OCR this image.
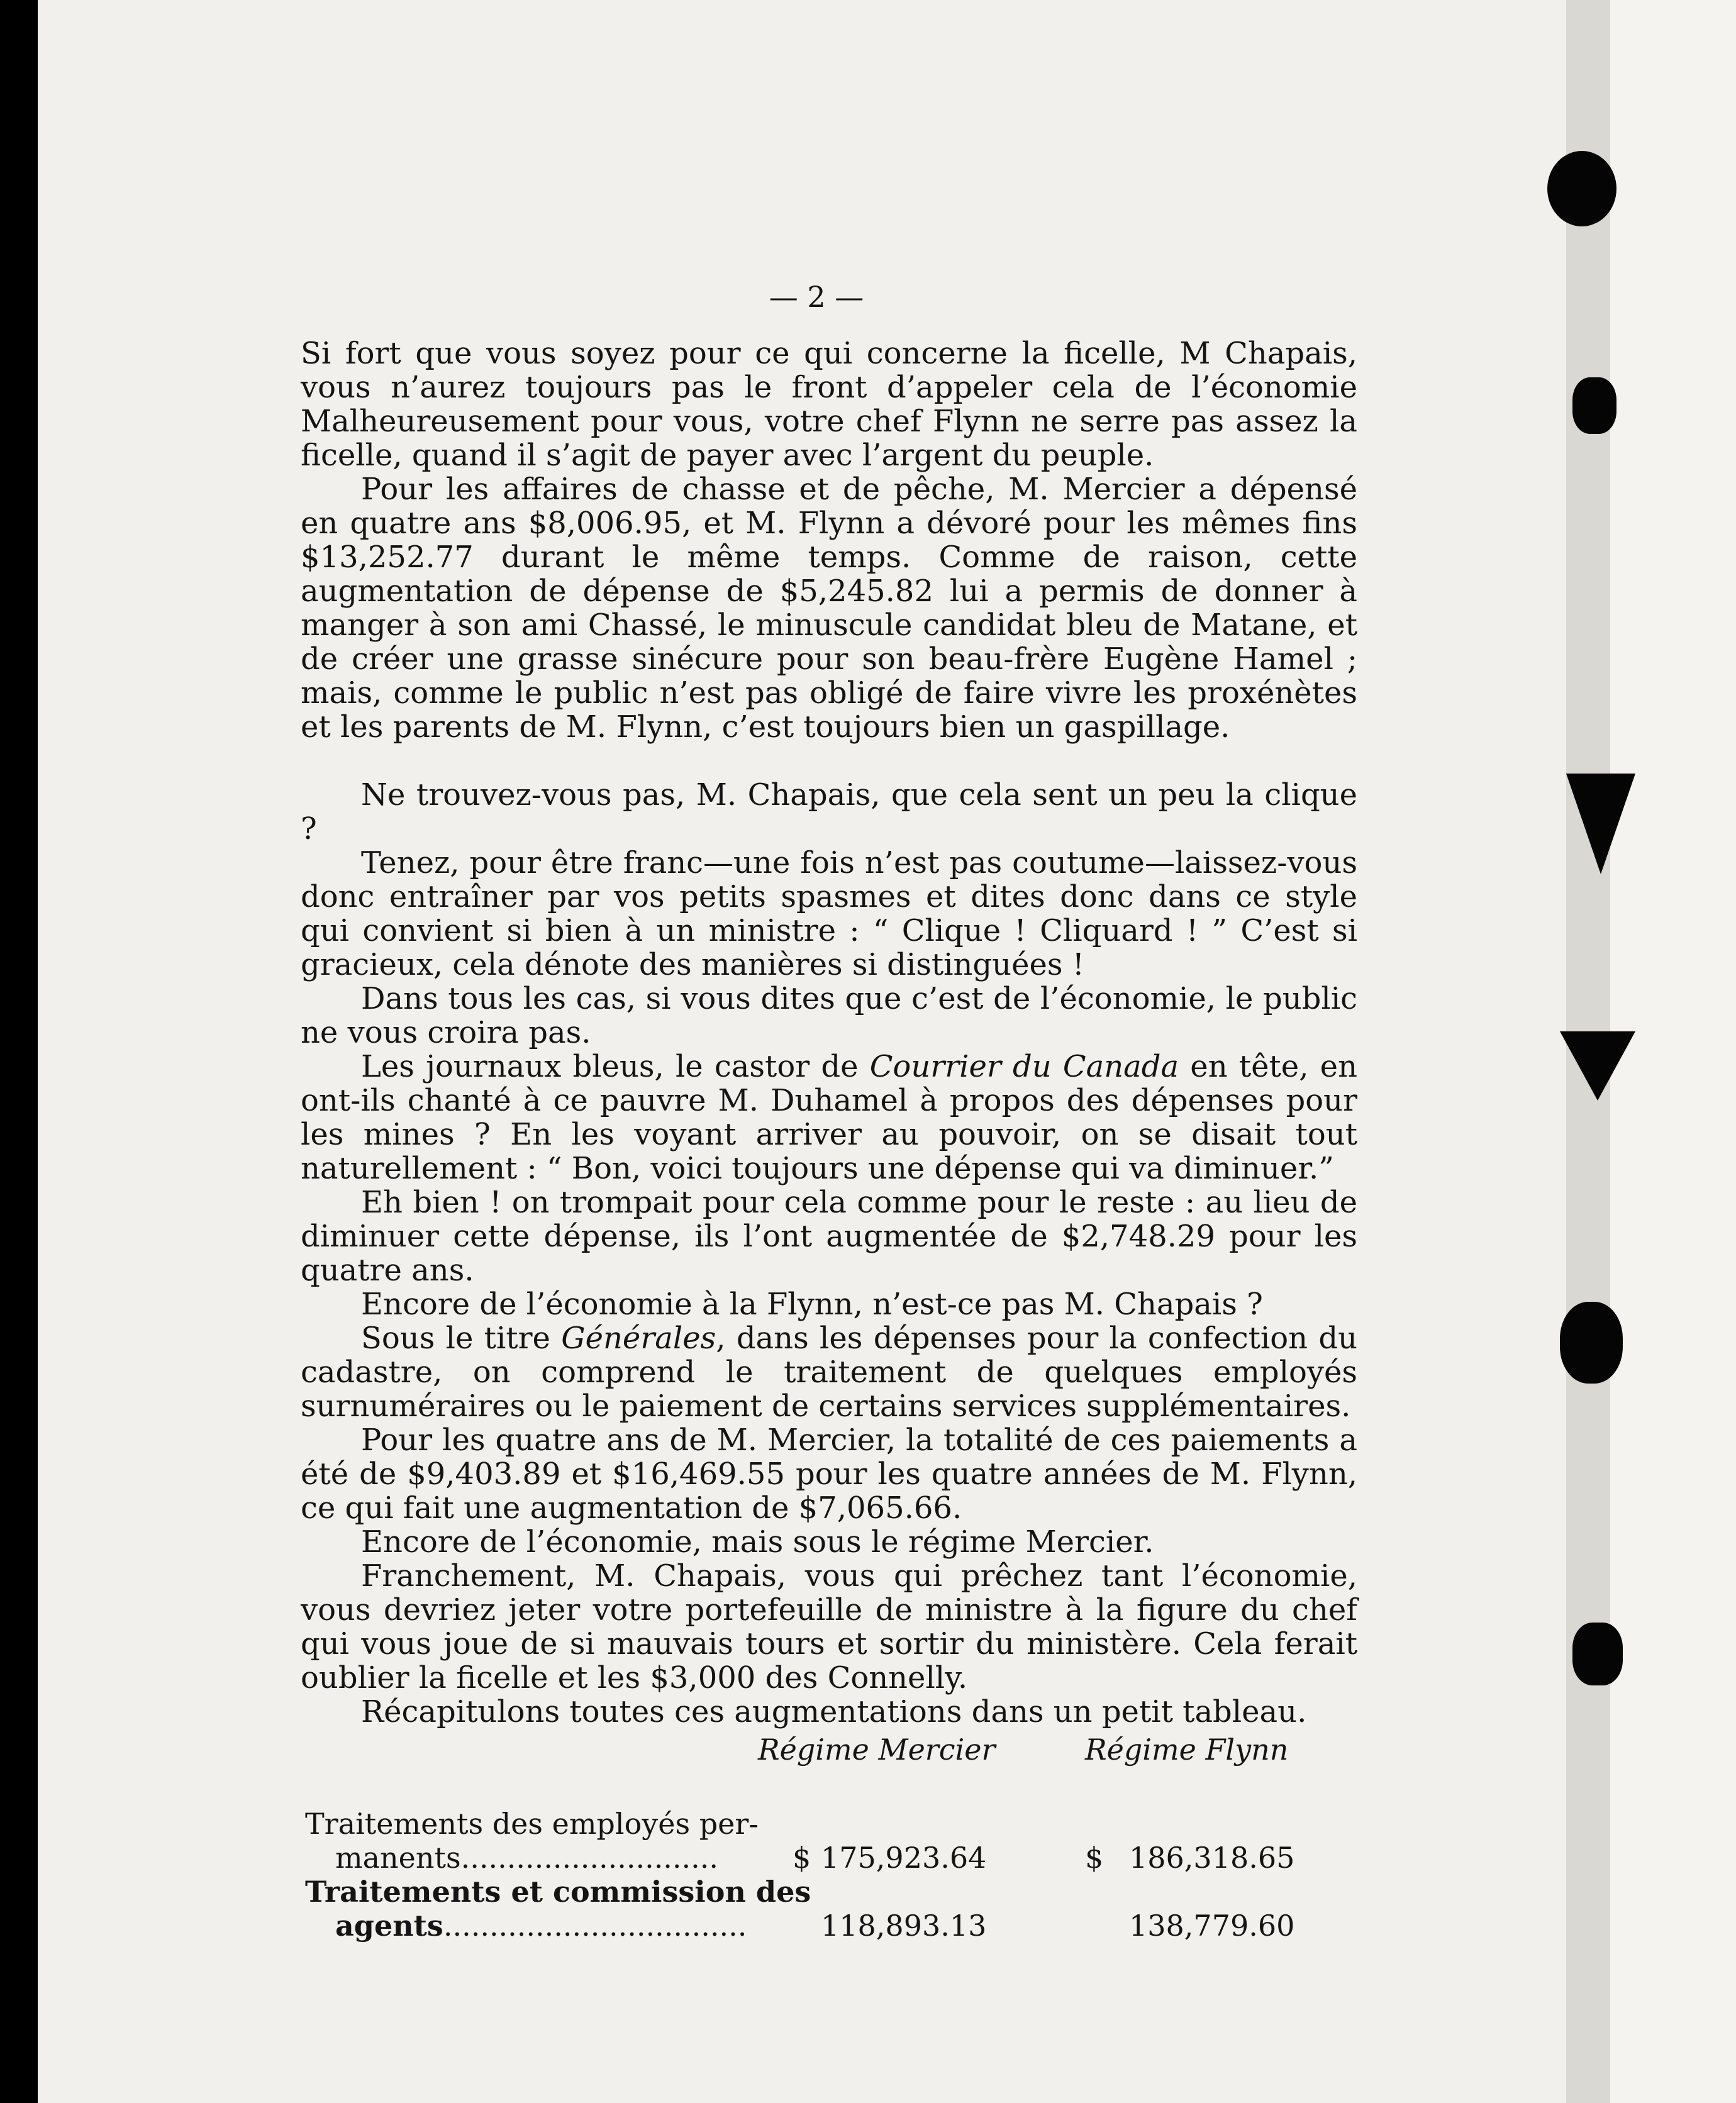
— 2 —

Si fort que vous soyez pour ce qui concerne la ficelle, M Chapais, vous n’aurez toujours pas le front d’appeler cela de l’économie Malheureusement pour vous, votre chef Flynn ne serre pas assez la ficelle, quand il s’agit de payer avec l’argent du peuple.

Pour les affaires de chasse et de pêche, M. Mercier a dépensé en quatre ans $8,006.95, et M. Flynn a dévoré pour les mêmes fins $13,252.77 durant le même temps. Comme de raison, cette augmentation de dépense de $5,245.82 lui a permis de donner à manger à son ami Chassé, le minuscule candidat bleu de Matane, et de créer une grasse sinécure pour son beau-frère Eugène Hamel ; mais, comme le public n’est pas obligé de faire vivre les proxénètes et les parents de M. Flynn, c’est toujours bien un gaspillage.

Ne trouvez-vous pas, M. Chapais, que cela sent un peu la clique ?

Tenez, pour être franc—une fois n’est pas coutume—laissez-vous donc entraîner par vos petits spasmes et dites donc dans ce style qui convient si bien à un ministre : “ Clique ! Cliquard ! ” C’est si gracieux, cela dénote des manières si distinguées !

Dans tous les cas, si vous dites que c’est de l’économie, le public ne vous croira pas.

Les journaux bleus, le castor de Courrier du Canada en tête, en ont-ils chanté à ce pauvre M. Duhamel à propos des dépenses pour les mines ? En les voyant arriver au pouvoir, on se disait tout naturellement : “ Bon, voici toujours une dépense qui va diminuer.”

Eh bien ! on trompait pour cela comme pour le reste : au lieu de diminuer cette dépense, ils l’ont augmentée de $2,748.29 pour les quatre ans.

Encore de l’économie à la Flynn, n’est-ce pas M. Chapais ?

Sous le titre Générales, dans les dépenses pour la confection du cadastre, on comprend le traitement de quelques employés surnuméraires ou le paiement de certains services supplémentaires.

Pour les quatre ans de M. Mercier, la totalité de ces paiements a été de $9,403.89 et $16,469.55 pour les quatre années de M. Flynn, ce qui fait une augmentation de $7,065.66.

Encore de l’économie, mais sous le régime Mercier.

Franchement, M. Chapais, vous qui prêchez tant l’économie, vous devriez jeter votre portefeuille de ministre à la figure du chef qui vous joue de si mauvais tours et sortir du ministère. Cela ferait oublier la ficelle et les $3,000 des Connelly.

Récapitulons toutes ces augmentations dans un petit tableau.

Régime Mercier	Régime Flynn
Traitements des employés per-
manents............................	$ 175,923.64	$ 186,318.65
Traitements et commission des
agents.................................	118,893.13	138,779.60
